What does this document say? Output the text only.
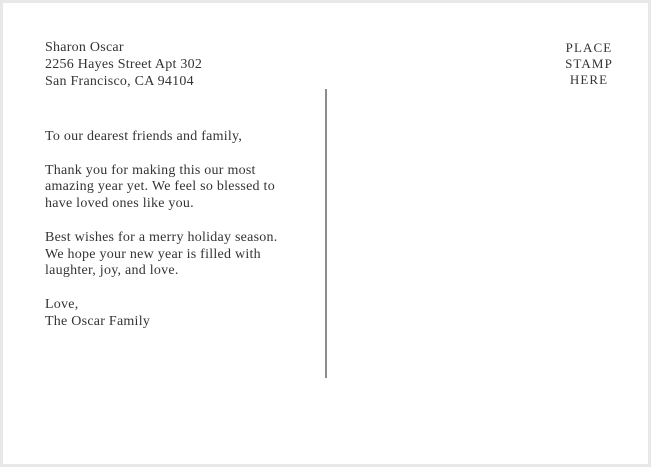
Sharon Oscar
2256 Hayes Street Apt 302
San Francisco, CA 94104
PLACE
STAMP
HERE

To our dearest friends and family,

Thank you for making this our most
amazing year yet. We feel so blessed to
have loved ones like you.

Best wishes for a merry holiday season.
We hope your new year is filled with
laughter, joy, and love.

Love,
The Oscar Family
